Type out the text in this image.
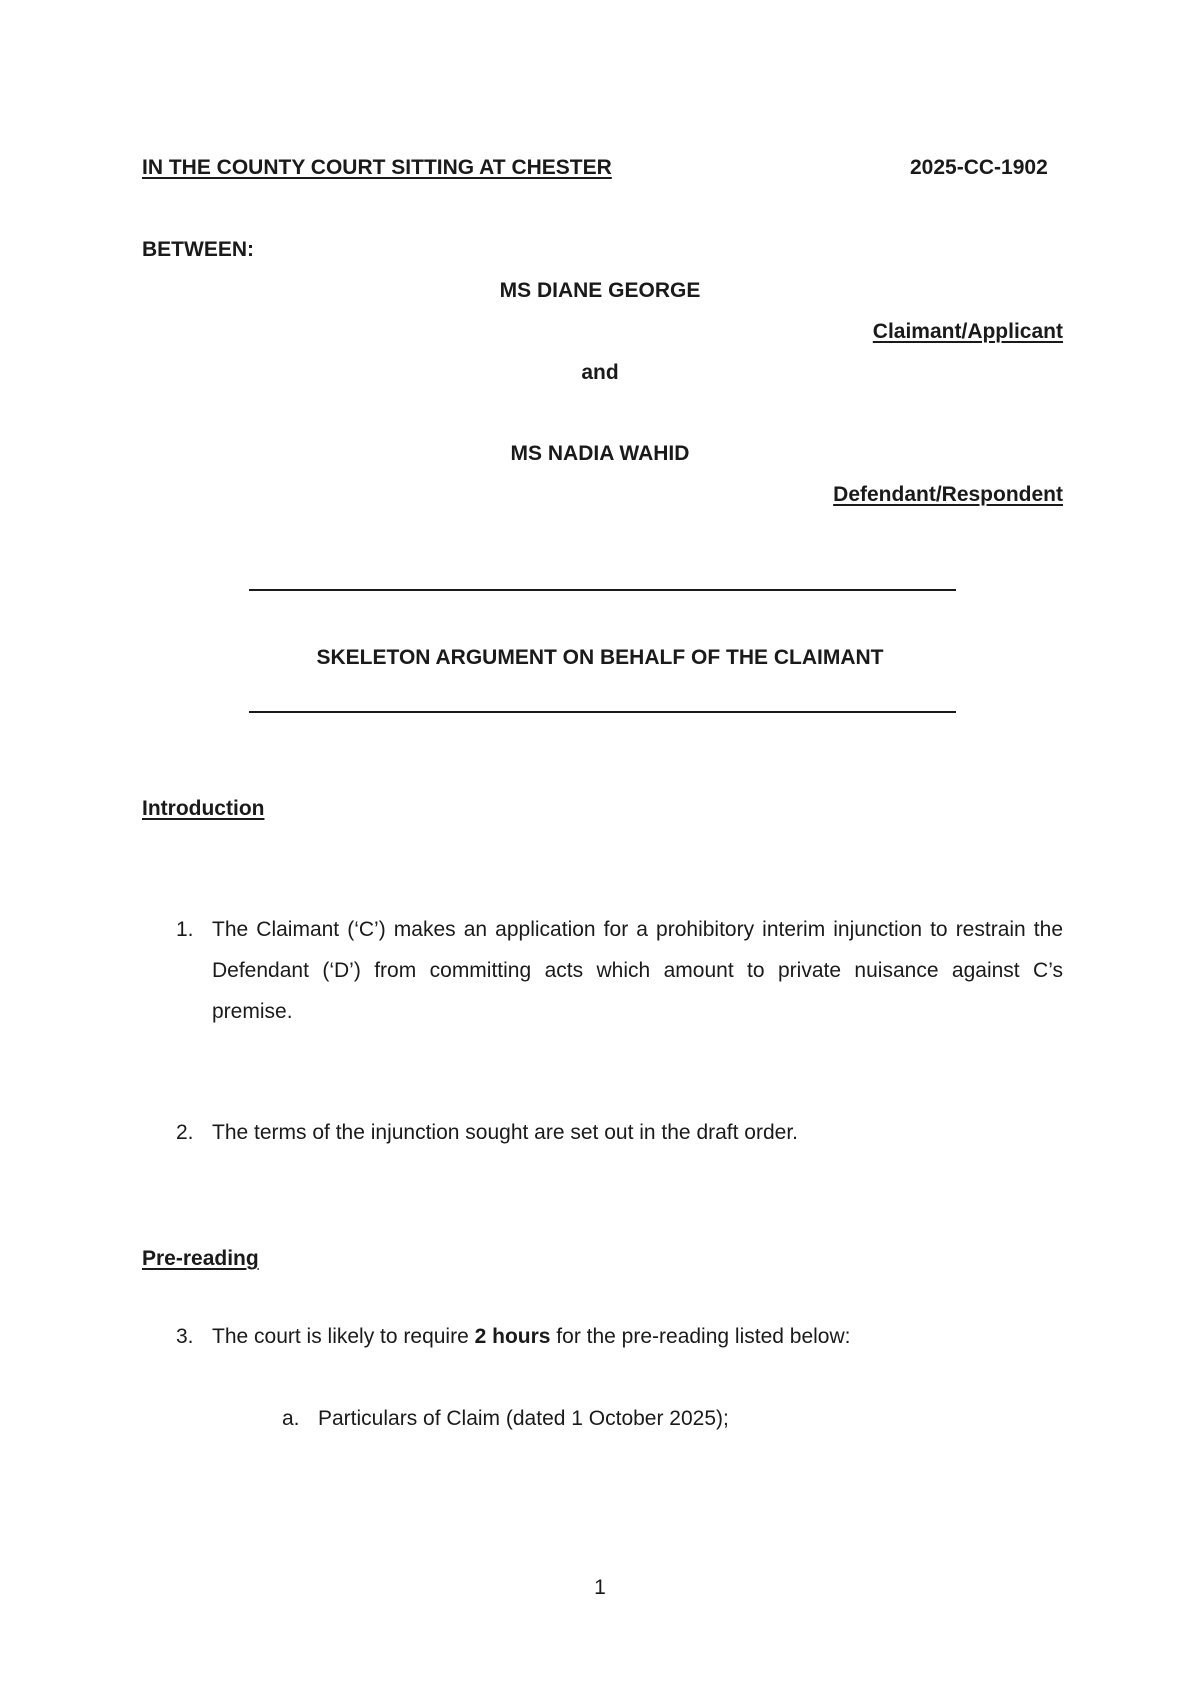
IN THE COUNTY COURT SITTING AT CHESTER	2025-CC-1902
BETWEEN:
MS DIANE GEORGE
Claimant/Applicant
and
MS NADIA WAHID
Defendant/Respondent
SKELETON ARGUMENT ON BEHALF OF THE CLAIMANT
Introduction
1. The Claimant (‘C’) makes an application for a prohibitory interim injunction to restrain the Defendant (‘D’) from committing acts which amount to private nuisance against C’s premise.
2. The terms of the injunction sought are set out in the draft order.
Pre-reading
3. The court is likely to require 2 hours for the pre-reading listed below:
a. Particulars of Claim (dated 1 October 2025);
1
